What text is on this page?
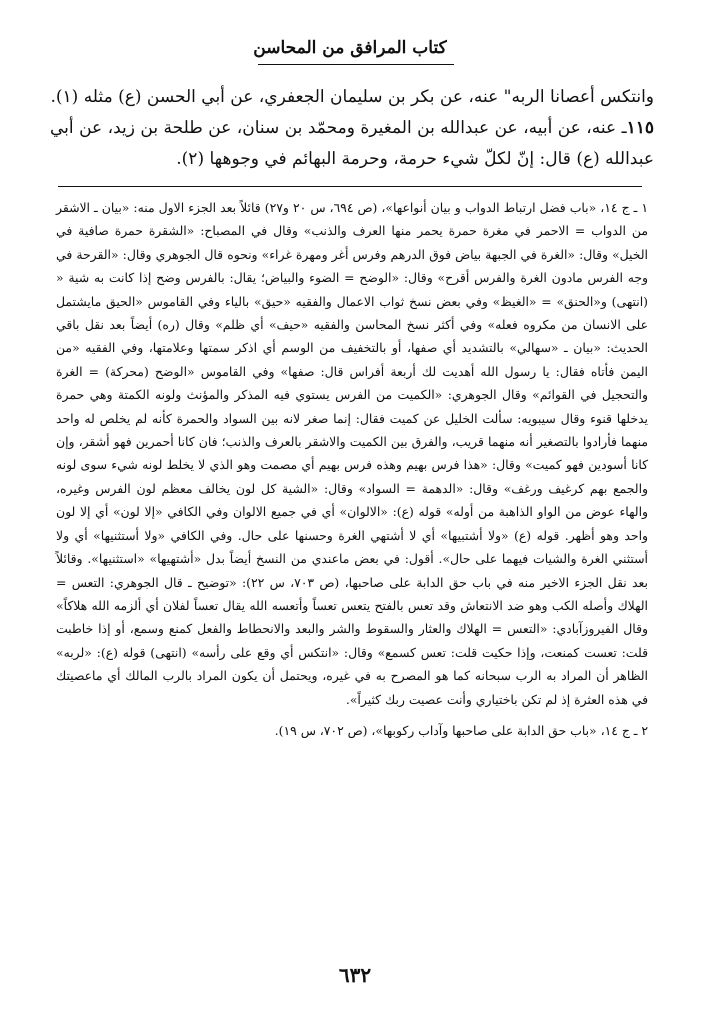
كتاب المرافق من المحاسن

وانتكس أعصانا الربه" عنه، عن بكر بن سليمان الجعفري، عن أبي الحسن (ع) مثله (١).

١١٥ـ عنه، عن أبيه، عن عبدالله بن المغيرة ومحمّد بن سنان، عن طلحة بن زيد، عن أبي عبدالله (ع) قال: إنّ لكلّ شيء حرمة، وحرمة البهائم في وجوهها (٢).

١ ـ ج ١٤، «باب فضل ارتباط الدواب و بيان أنواعها»، (ص ٦٩٤، س ٢٠ و٢٧) قائلاً بعد الجزء الاول منه: «بيان ـ الاشقر من الدواب = الاحمر في مغرة حمرة يحمر منها العرف والذنب» وقال في المصباح: «الشقرة حمرة صافية في الخيل» وقال: «الغرة في الجبهة بياض فوق الدرهم وفرس أغر ومهرة غراء» ونحوه قال الجوهري وقال: «القرحة في وجه الفرس مادون الغرة والفرس أقرح» وقال: «الوضح = الضوء والبياض؛ يقال: بالفرس وضح إذا كانت به شية « (انتهى) و«الحنق» = «الغيظ» وفي بعض نسخ ثواب الاعمال والفقيه «حيق» بالياء وفي القاموس «الحيق مايشتمل على الانسان من مكروه فعله» وفي أكثر نسخ المحاسن والفقيه «حيف» أي ظلم» وقال (ره) أيضاً بعد نقل باقي الحديث: «بيان ـ «سهالي» بالتشديد أي صفها، أو بالتخفيف من الوسم أي اذكر سمتها وعلامتها، وفي الفقيه «من اليمن فأتاه فقال: يا رسول الله أهديت لك أربعة أفراس قال: صفها» وفي القاموس «الوضح (محركة) = الغرة والتحجيل في القوائم» وقال الجوهري: «الكميت من الفرس يستوي فيه المذكر والمؤنث ولونه الكمتة وهي حمرة يدخلها قنوء وقال سيبويه: سألت الخليل عن كميت فقال: إنما صغر لانه بين السواد والحمرة كأنه لم يخلص له واحد منهما فأرادوا بالتصغير أنه منهما قريب، والفرق بين الكميت والاشقر بالعرف والذنب؛ فان كانا أحمرين فهو أشقر، وإن كانا أسودين فهو كميت» وقال: «هذا فرس بهيم وهذه فرس بهيم أي مصمت وهو الذي لا يخلط لونه شيء سوى لونه والجمع بهم كرغيف ورغف» وقال: «الدهمة = السواد» وقال: «الشية كل لون يخالف معظم لون الفرس وغيره، والهاء عوض من الواو الذاهبة من أوله» قوله (ع): «الالوان» أي في جميع الالوان وفي الكافي «إلا لون» أي إلا لون واحد وهو أظهر. قوله (ع) «ولا أشتبيها» أي لا أشتهي الغرة وحسنها على حال. وفي الكافي «ولا أستثنيها» أي ولا أستثني الغرة والشيات فيهما على حال». أقول: في بعض ماعندي من النسخ أيضاً بدل «أشتهيها» «استثنيها». وقائلاً بعد نقل الجزء الاخير منه في باب حق الدابة على صاحبها، (ص ٧٠٣، س ٢٢): «توضيح ـ قال الجوهري: التعس = الهلاك وأصله الكب وهو ضد الانتعاش وقد تعس بالفتح يتعس تعساً وأتعسه الله يقال تعساً لفلان أي ألزمه الله هلاكاً» وقال الفيروزآبادي: «التعس = الهلاك والعثار والسقوط والشر والبعد والانحطاط والفعل كمنع وسمع، أو إذا خاطبت قلت: تعست كمنعت، وإذا حكيت قلت: تعس كسمع» وقال: «انتكس أي وقع على رأسه» (انتهى) قوله (ع): «لربه» الظاهر أن المراد به الرب سبحانه كما هو المصرح به في غيره، ويحتمل أن يكون المراد بالرب المالك أي ماعصيتك في هذه العثرة إذ لم تكن باختياري وأنت عصيت ربك كثيراً».

٢ ـ ج ١٤، «باب حق الدابة على صاحبها وآداب ركوبها»، (ص ٧٠٢، س ١٩).

٦٣٢
